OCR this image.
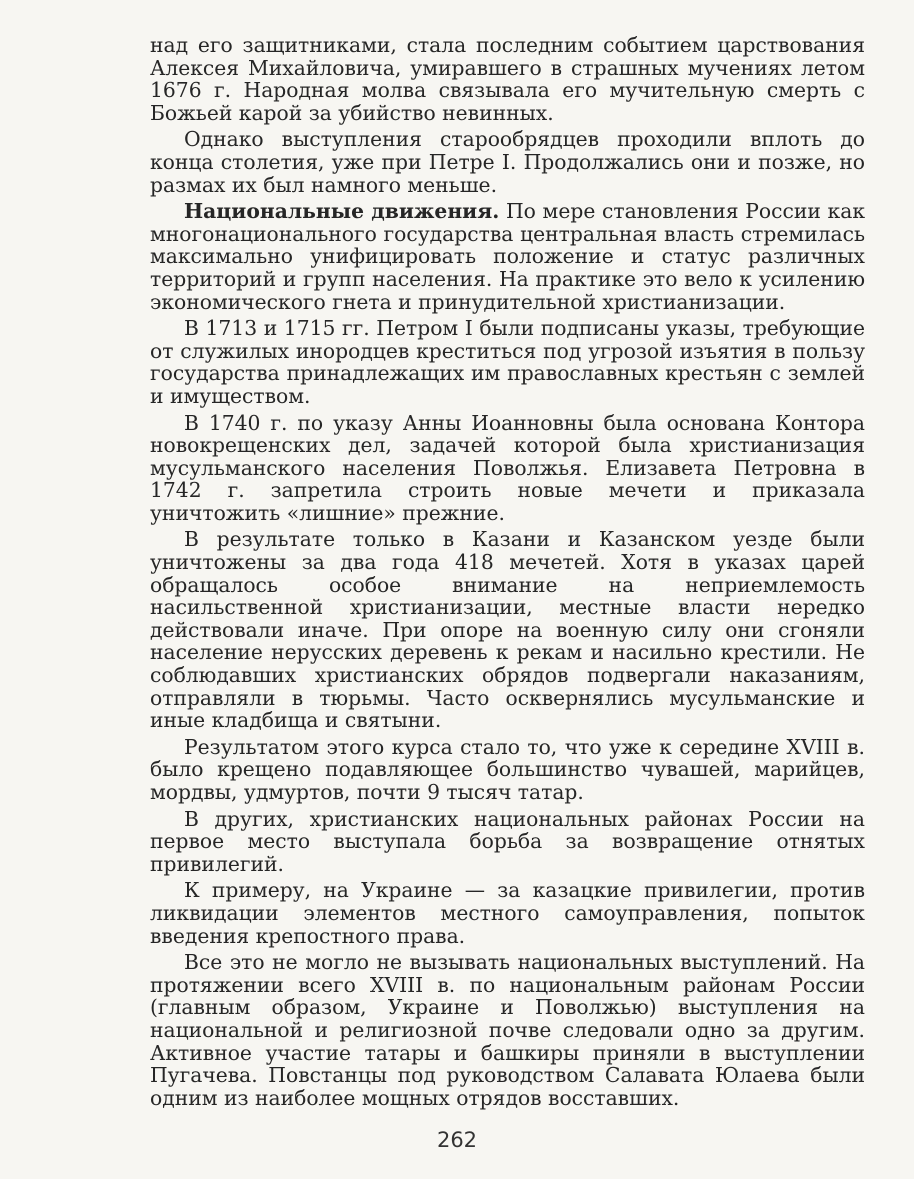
над его защитниками, стала последним событием царствования Алексея Михайловича, умиравшего в страшных мучениях летом 1676 г. Народная молва связывала его мучительную смерть с Божьей карой за убийство невинных.

Однако выступления старообрядцев проходили вплоть до конца столетия, уже при Петре I. Продолжались они и позже, но размах их был намного меньше.

Национальные движения. По мере становления России как многонационального государства центральная власть стремилась максимально унифицировать положение и статус различных территорий и групп населения. На практике это вело к усилению экономического гнета и принудительной христианизации.

В 1713 и 1715 гг. Петром I были подписаны указы, требующие от служилых инородцев креститься под угрозой изъятия в пользу государства принадлежащих им православных крестьян с землей и имуществом.

В 1740 г. по указу Анны Иоанновны была основана Контора новокрещенских дел, задачей которой была христианизация мусульманского населения Поволжья. Елизавета Петровна в 1742 г. запретила строить новые мечети и приказала уничтожить «лишние» прежние.

В результате только в Казани и Казанском уезде были уничтожены за два года 418 мечетей. Хотя в указах царей обращалось особое внимание на неприемлемость насильственной христианизации, местные власти нередко действовали иначе. При опоре на военную силу они сгоняли население нерусских деревень к рекам и насильно крестили. Не соблюдавших христианских обрядов подвергали наказаниям, отправляли в тюрьмы. Часто осквернялись мусульманские и иные кладбища и святыни.

Результатом этого курса стало то, что уже к середине XVIII в. было крещено подавляющее большинство чувашей, марийцев, мордвы, удмуртов, почти 9 тысяч татар.

В других, христианских национальных районах России на первое место выступала борьба за возвращение отнятых привилегий.

К примеру, на Украине — за казацкие привилегии, против ликвидации элементов местного самоуправления, попыток введения крепостного права.

Все это не могло не вызывать национальных выступлений. На протяжении всего XVIII в. по национальным районам России (главным образом, Украине и Поволжью) выступления на национальной и религиозной почве следовали одно за другим. Активное участие татары и башкиры приняли в выступлении Пугачева. Повстанцы под руководством Салавата Юлаева были одним из наиболее мощных отрядов восставших.

262
